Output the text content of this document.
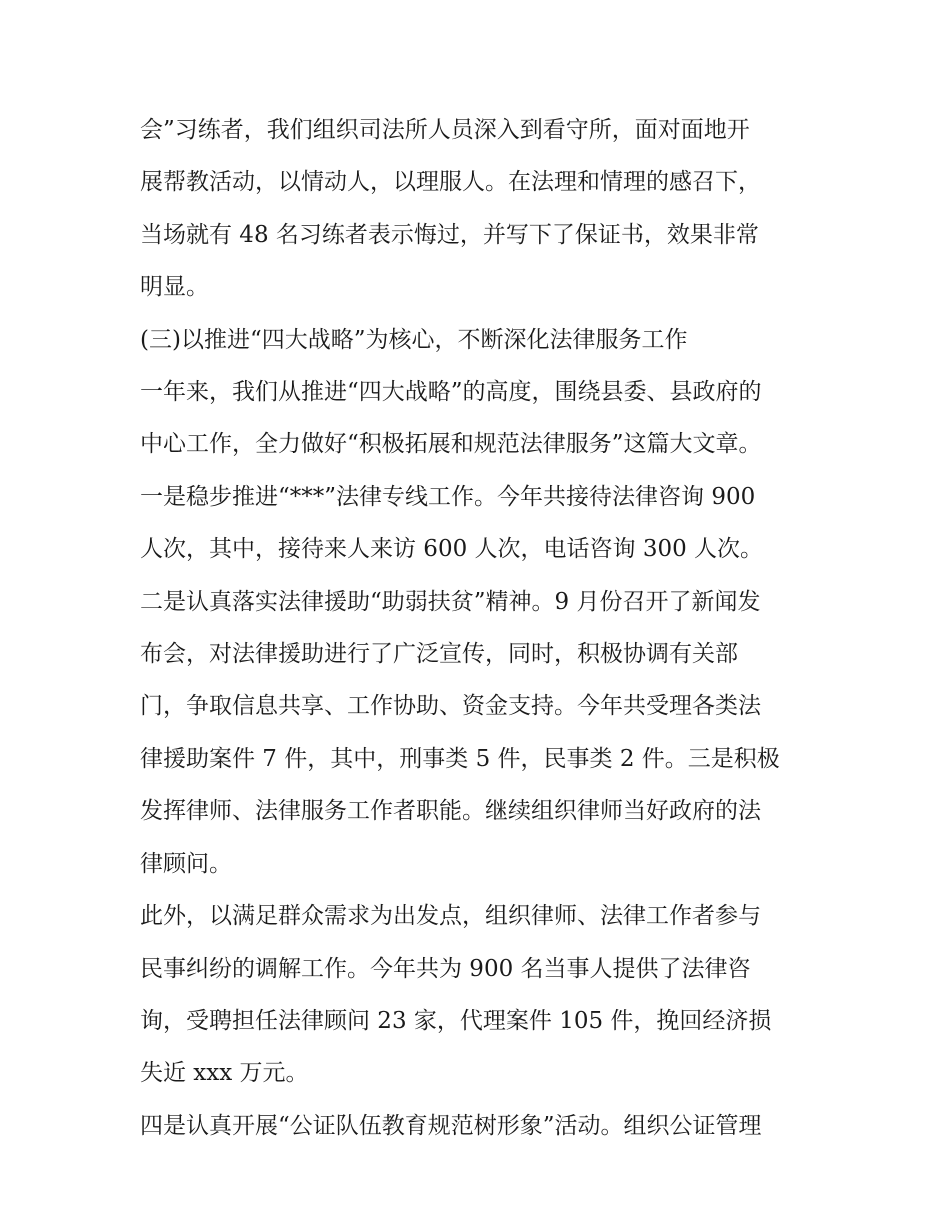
会”习练者，我们组织司法所人员深入到看守所，面对面地开

展帮教活动，以情动人，以理服人。在法理和情理的感召下，

当场就有 48 名习练者表示悔过，并写下了保证书，效果非常

明显。

(三)以推进“四大战略”为核心，不断深化法律服务工作

一年来，我们从推进“四大战略”的高度，围绕县委、县政府的

中心工作，全力做好“积极拓展和规范法律服务”这篇大文章。

一是稳步推进“***”法律专线工作。今年共接待法律咨询 900

人次，其中，接待来人来访 600 人次，电话咨询 300 人次。

二是认真落实法律援助“助弱扶贫”精神。9 月份召开了新闻发

布会，对法律援助进行了广泛宣传，同时，积极协调有关部

门，争取信息共享、工作协助、资金支持。今年共受理各类法

律援助案件 7 件，其中，刑事类 5 件，民事类 2 件。三是积极

发挥律师、法律服务工作者职能。继续组织律师当好政府的法

律顾问。

此外，以满足群众需求为出发点，组织律师、法律工作者参与

民事纠纷的调解工作。今年共为 900 名当事人提供了法律咨

询，受聘担任法律顾问 23 家，代理案件 105 件，挽回经济损

失近 xxx 万元。

四是认真开展“公证队伍教育规范树形象”活动。组织公证管理
